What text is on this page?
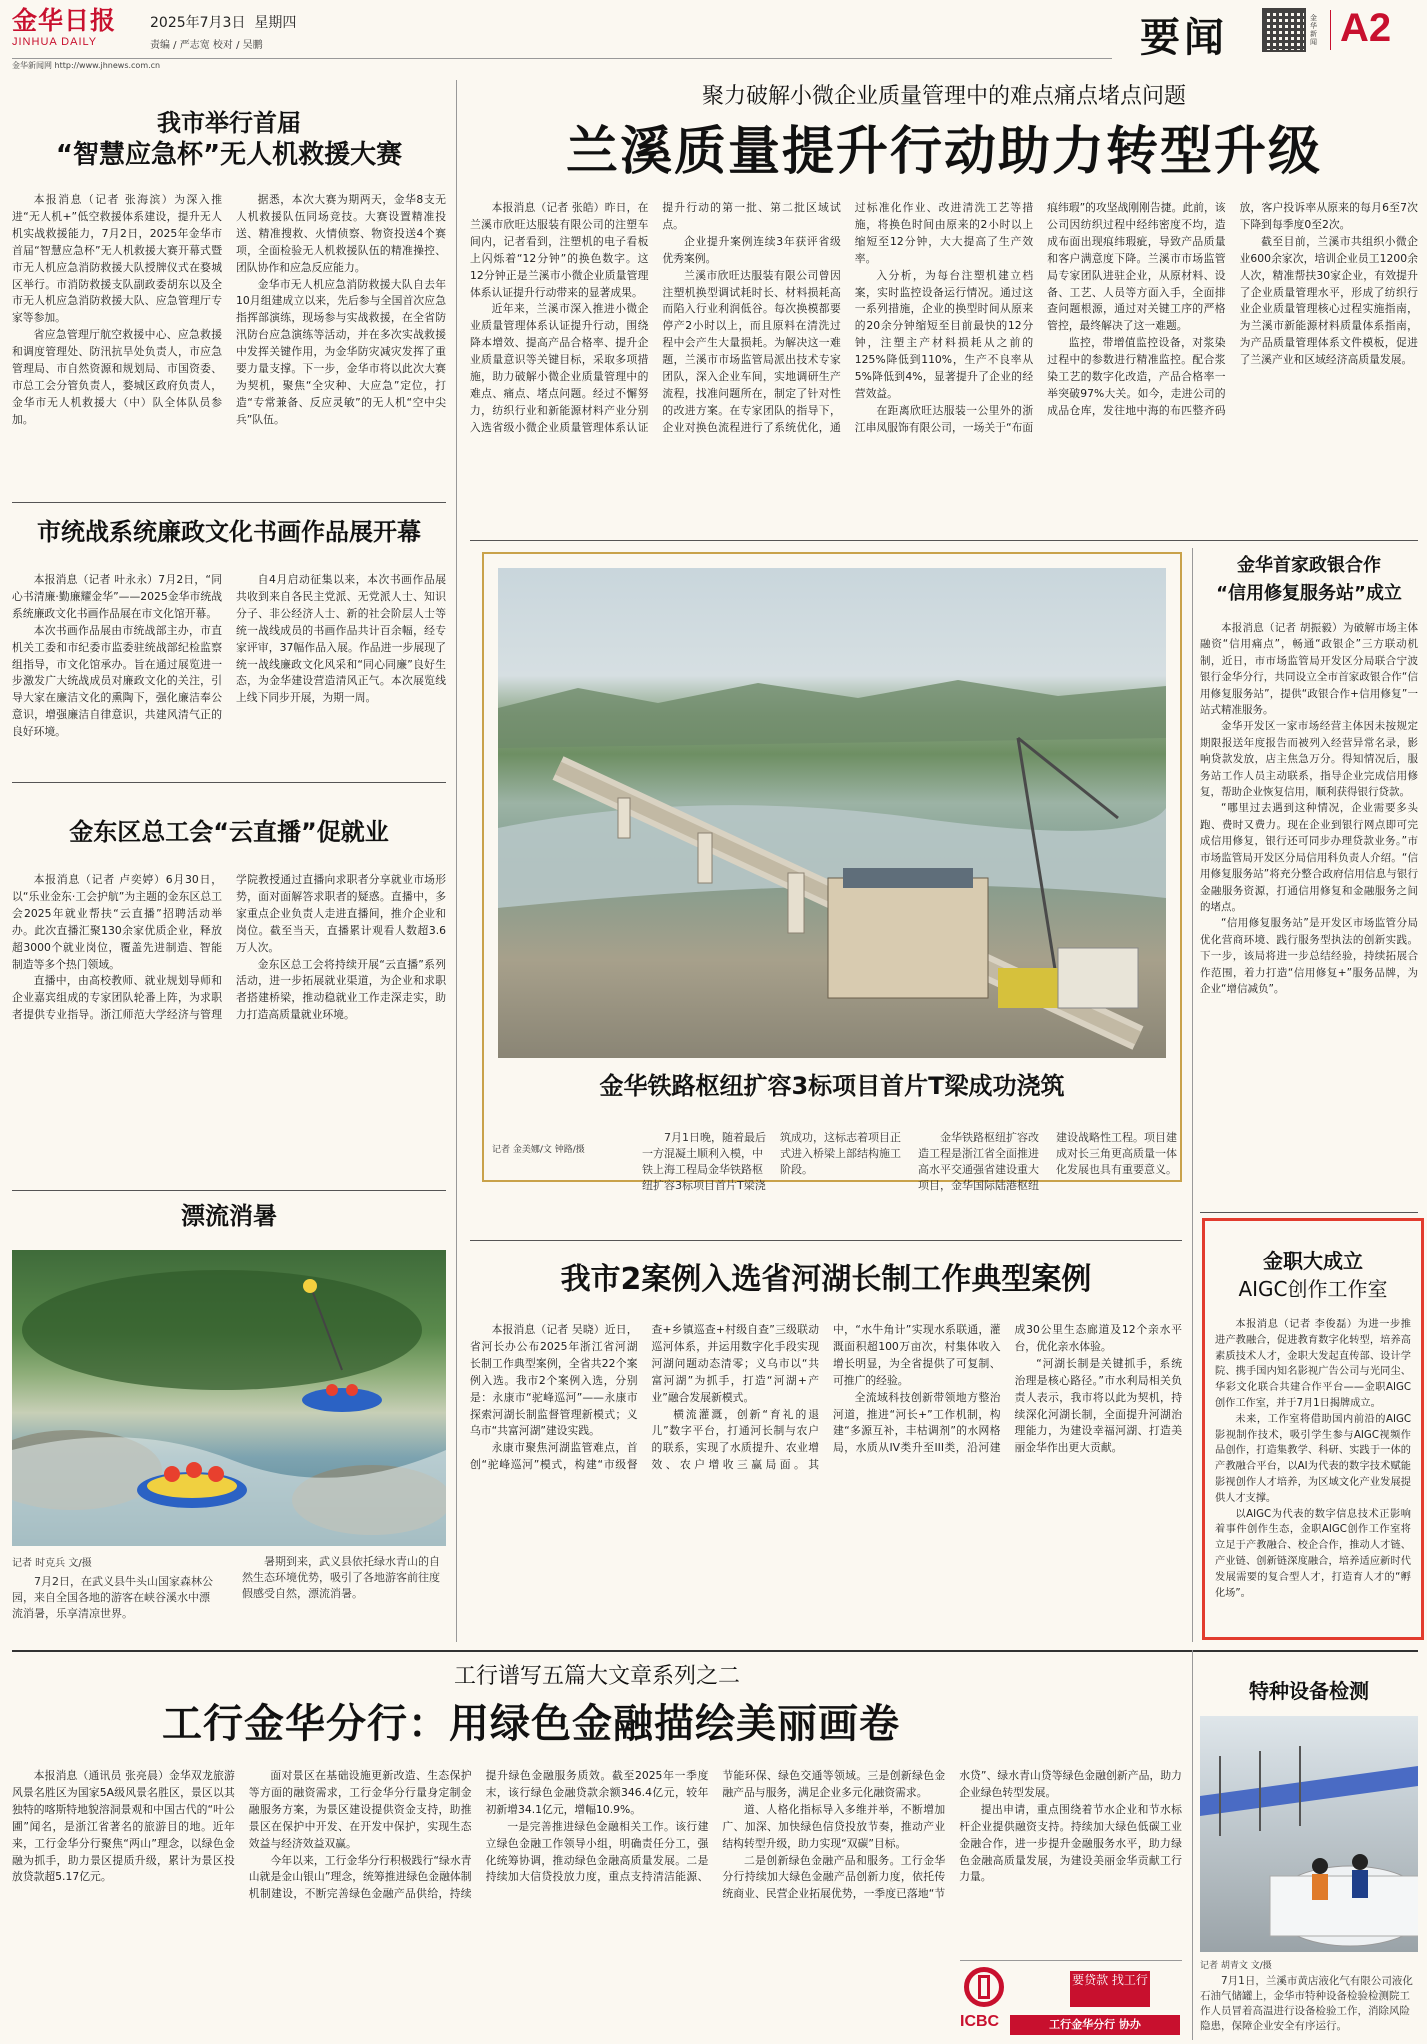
金华日报
JINHUA DAILY
2025年7月3日 星期四
责编 / 严志宽 校对 / 吴鹏
金华新闻网 http://www.jhnews.com.cn
要闻	金华新闻 A2
我市举行首届
“智慧应急杯”无人机救援大赛

本报消息（记者 张海滨）为深入推进“无人机+”低空救援体系建设，提升无人机实战救援能力，7月2日，2025年金华市首届“智慧应急杯”无人机救援大赛开幕式暨市无人机应急消防救援大队授牌仪式在婺城区举行。市消防救援支队副政委胡东以及全市无人机应急消防救援大队、应急管理厅专家等参加。

省应急管理厅航空救援中心、应急救援和调度管理处、防汛抗旱处负责人，市应急管理局、市自然资源和规划局、市国资委、市总工会分管负责人，婺城区政府负责人，金华市无人机救援大（中）队全体队员参加。

据悉，本次大赛为期两天，金华8支无人机救援队伍同场竞技。大赛设置精准投送、精准搜救、火情侦察、物资投送4个赛项，全面检验无人机救援队伍的精准操控、团队协作和应急反应能力。

金华市无人机应急消防救援大队自去年10月组建成立以来，先后参与全国首次应急指挥部演练，现场参与实战救援，在全省防汛防台应急演练等活动，并在多次实战救援中发挥关键作用，为金华防灾减灾发挥了重要力量支撑。下一步，金华市将以此次大赛为契机，聚焦“全灾种、大应急”定位，打造“专常兼备、反应灵敏”的无人机“空中尖兵”队伍。

市统战系统廉政文化书画作品展开幕

本报消息（记者 叶永永）7月2日，“同心书清廉·勤廉耀金华”——2025金华市统战系统廉政文化书画作品展在市文化馆开幕。

本次书画作品展由市统战部主办，市直机关工委和市纪委市监委驻统战部纪检监察组指导，市文化馆承办。旨在通过展览进一步激发广大统战成员对廉政文化的关注，引导大家在廉洁文化的熏陶下，强化廉洁奉公意识，增强廉洁自律意识，共建风清气正的良好环境。

自4月启动征集以来，本次书画作品展共收到来自各民主党派、无党派人士、知识分子、非公经济人士、新的社会阶层人士等统一战线成员的书画作品共计百余幅，经专家评审，37幅作品入展。作品进一步展现了统一战线廉政文化风采和“同心同廉”良好生态，为金华建设营造清风正气。本次展览线上线下同步开展，为期一周。

金东区总工会“云直播”促就业

本报消息（记者 卢奕婷）6月30日，以“乐业金东·工会护航”为主题的金东区总工会2025年就业帮扶“云直播”招聘活动举办。此次直播汇聚130余家优质企业，释放超3000个就业岗位，覆盖先进制造、智能制造等多个热门领域。

直播中，由高校教师、就业规划导师和企业嘉宾组成的专家团队轮番上阵，为求职者提供专业指导。浙江师范大学经济与管理学院教授通过直播向求职者分享就业市场形势，面对面解答求职者的疑惑。直播中，多家重点企业负责人走进直播间，推介企业和岗位。截至当天，直播累计观看人数超3.6万人次。

金东区总工会将持续开展“云直播”系列活动，进一步拓展就业渠道，为企业和求职者搭建桥梁，推动稳就业工作走深走实，助力打造高质量就业环境。

漂流消暑
记者 时克兵 文/摄
7月2日，在武义县牛头山国家森林公园，来自全国各地的游客在峡谷溪水中漂流消暑，乐享清凉世界。
暑期到来，武义县依托绿水青山的自然生态环境优势，吸引了各地游客前往度假感受自然，漂流消暑。
聚力破解小微企业质量管理中的难点痛点堵点问题
兰溪质量提升行动助力转型升级

本报消息（记者 张皓）昨日，在兰溪市欣旺达服装有限公司的注塑车间内，记者看到，注塑机的电子看板上闪烁着“12分钟”的换色数字。这12分钟正是兰溪市小微企业质量管理体系认证提升行动带来的显著成果。

近年来，兰溪市深入推进小微企业质量管理体系认证提升行动，围绕降本增效、提高产品合格率、提升企业质量意识等关键目标，采取多项措施，助力破解小微企业质量管理中的难点、痛点、堵点问题。经过不懈努力，纺织行业和新能源材料产业分别入选省级小微企业质量管理体系认证提升行动的第一批、第二批区域试点。

企业提升案例连续3年获评省级优秀案例。

兰溪市欣旺达服装有限公司曾因注塑机换型调试耗时长、材料损耗高而陷入行业利润低谷。每次换模都要停产2小时以上，而且原料在清洗过程中会产生大量损耗。为解决这一难题，兰溪市市场监管局派出技术专家团队，深入企业车间，实地调研生产流程，找准问题所在，制定了针对性的改进方案。在专家团队的指导下，企业对换色流程进行了系统优化，通过标准化作业、改进清洗工艺等措施，将换色时间由原来的2小时以上缩短至12分钟，大大提高了生产效率。

入分析，为每台注塑机建立档案，实时监控设备运行情况。通过这一系列措施，企业的换型时间从原来的20余分钟缩短至目前最快的12分钟，注塑主产材料损耗从之前的125%降低到110%，生产不良率从5%降低到4%，显著提升了企业的经营效益。

在距离欣旺达服装一公里外的浙江串凤服饰有限公司，一场关于“布面痕纬瑕”的攻坚战刚刚告捷。此前，该公司因纺织过程中经纬密度不均，造成布面出现痕纬瑕疵，导致产品质量和客户满意度下降。兰溪市市场监管局专家团队进驻企业，从原材料、设备、工艺、人员等方面入手，全面排查问题根源，通过对关键工序的严格管控，最终解决了这一难题。

监控，带增值监控设备，对浆染过程中的参数进行精准监控。配合浆染工艺的数字化改造，产品合格率一举突破97%大关。如今，走进公司的成品仓库，发往地中海的布匹整齐码放，客户投诉率从原来的每月6至7次下降到每季度0至2次。

截至目前，兰溪市共组织小微企业600余家次，培训企业员工1200余人次，精准帮扶30家企业，有效提升了企业质量管理水平，形成了纺织行业企业质量管理核心过程实施指南，为兰溪市新能源材料质量体系指南，为产品质量管理体系文件模板，促进了兰溪产业和区域经济高质量发展。

金华铁路枢纽扩容3标项目首片T梁成功浇筑
记者 金美娜/文 钟路/摄

7月1日晚，随着最后一方混凝土顺利入模，中铁上海工程局金华铁路枢纽扩容3标项目首片T梁浇筑成功，这标志着项目正式进入桥梁上部结构施工阶段。

金华铁路枢纽扩容改造工程是浙江省全面推进高水平交通强省建设重大项目，金华国际陆港枢纽建设战略性工程。项目建成对长三角更高质量一体化发展也具有重要意义。

金华首家政银合作
“信用修复服务站”成立

本报消息（记者 胡振毅）为破解市场主体融资“信用痛点”，畅通“政银企”三方联动机制，近日，市市场监管局开发区分局联合宁波银行金华分行，共同设立全市首家政银合作“信用修复服务站”，提供“政银合作+信用修复”一站式精准服务。

金华开发区一家市场经营主体因未按规定期限报送年度报告而被列入经营异常名录，影响贷款发放，店主焦急万分。得知情况后，服务站工作人员主动联系，指导企业完成信用修复，帮助企业恢复信用，顺利获得银行贷款。

“哪里过去遇到这种情况，企业需要多头跑、费时又费力。现在企业到银行网点即可完成信用修复，银行还可同步办理贷款业务。”市市场监管局开发区分局信用科负责人介绍。“信用修复服务站”将充分整合政府信用信息与银行金融服务资源，打通信用修复和金融服务之间的堵点。

“信用修复服务站”是开发区市场监管分局优化营商环境、践行服务型执法的创新实践。下一步，该局将进一步总结经验，持续拓展合作范围，着力打造“信用修复+”服务品牌，为企业“增信减负”。

金职大成立
AIGC创作工作室

本报消息（记者 李俊磊）为进一步推进产教融合，促进教育数字化转型，培养高素质技术人才，金职大发起直传部、设计学院、携手国内知名影视广告公司与光同尘、华彩文化联合共建合作平台——金职AIGC创作工作室，并于7月1日揭牌成立。

未来，工作室将借助国内前沿的AIGC影视制作技术，吸引学生参与AIGC视频作品创作，打造集教学、科研、实践于一体的产教融合平台，以AI为代表的数字技术赋能影视创作人才培养，为区域文化产业发展提供人才支撑。

以AIGC为代表的数字信息技术正影响着事件创作生态，金职AIGC创作工作室将立足于产教融合、校企合作，推动人才链、产业链、创新链深度融合，培养适应新时代发展需要的复合型人才，打造育人才的“孵化场”。

我市2案例入选省河湖长制工作典型案例

本报消息（记者 吴晓）近日，省河长办公布2025年浙江省河湖长制工作典型案例，全省共22个案例入选。我市2个案例入选，分别是：永康市“驼峰巡河”——永康市探索河湖长制监督管理新模式；义乌市“共富河湖”建设实践。

永康市聚焦河湖监管难点，首创“驼峰巡河”模式，构建“市级督查+乡镇巡查+村级自查”三级联动巡河体系，并运用数字化手段实现河湖问题动态清零；义乌市以“共富河湖”为抓手，打造“河湖+产业”融合发展新模式。

横流灌溉，创新“育礼的退儿”数字平台，打通河长制与农户的联系，实现了水质提升、农业增效、农户增收三赢局面。其中，“水牛角计”实现水系联通，灌溉面积超100万亩次，村集体收入增长明显，为全省提供了可复制、可推广的经验。

全流域科技创新带领地方整治河道，推进“河长+”工作机制，构建“多源互补，丰枯调剂”的水网格局，水质从IV类升至III类，沿河建成30公里生态廊道及12个亲水平台，优化亲水体验。

“河湖长制是关键抓手，系统治理是核心路径。”市水利局相关负责人表示，我市将以此为契机，持续深化河湖长制，全面提升河湖治理能力，为建设幸福河湖、打造美丽金华作出更大贡献。

工行谱写五篇大文章系列之二
工行金华分行：用绿色金融描绘美丽画卷

本报消息（通讯员 张亮晨）金华双龙旅游风景名胜区为国家5A级风景名胜区，景区以其独特的喀斯特地貌溶洞景观和中国古代的“叶公圃”闻名，是浙江省著名的旅游目的地。近年来，工行金华分行聚焦“两山”理念，以绿色金融为抓手，助力景区提质升级，累计为景区投放贷款超5.17亿元。

面对景区在基础设施更新改造、生态保护等方面的融资需求，工行金华分行量身定制金融服务方案，为景区建设提供资金支持，助推景区在保护中开发、在开发中保护，实现生态效益与经济效益双赢。

今年以来，工行金华分行积极践行“绿水青山就是金山银山”理念，统筹推进绿色金融体制机制建设，不断完善绿色金融产品供给，持续提升绿色金融服务质效。截至2025年一季度末，该行绿色金融贷款余额346.4亿元，较年初新增34.1亿元，增幅10.9%。

一是完善推进绿色金融相关工作。该行建立绿色金融工作领导小组，明确责任分工，强化统筹协调，推动绿色金融高质量发展。二是持续加大信贷投放力度，重点支持清洁能源、节能环保、绿色交通等领域。三是创新绿色金融产品与服务，满足企业多元化融资需求。

道、人格化指标导入多维并举，不断增加广、加深、加快绿色信贷投放节奏，推动产业结构转型升级，助力实现“双碳”目标。

二是创新绿色金融产品和服务。工行金华分行持续加大绿色金融产品创新力度，依托传统商业、民营企业拓展优势，一季度已落地“节水贷”、绿水青山贷等绿色金融创新产品，助力企业绿色转型发展。

提出申请，重点围绕着节水企业和节水标杆企业提供融资支持。持续加大绿色低碳工业金融合作，进一步提升金融服务水平，助力绿色金融高质量发展，为建设美丽金华贡献工行力量。

ICBC
要贷款 找工行
工行金华分行 协办
特种设备检测
记者 胡青文 文/摄
7月1日，兰溪市黄店液化气有限公司液化石油气储罐上，金华市特种设备检验检测院工作人员冒着高温进行设备检验工作，消除风险隐患，保障企业安全有序运行。
